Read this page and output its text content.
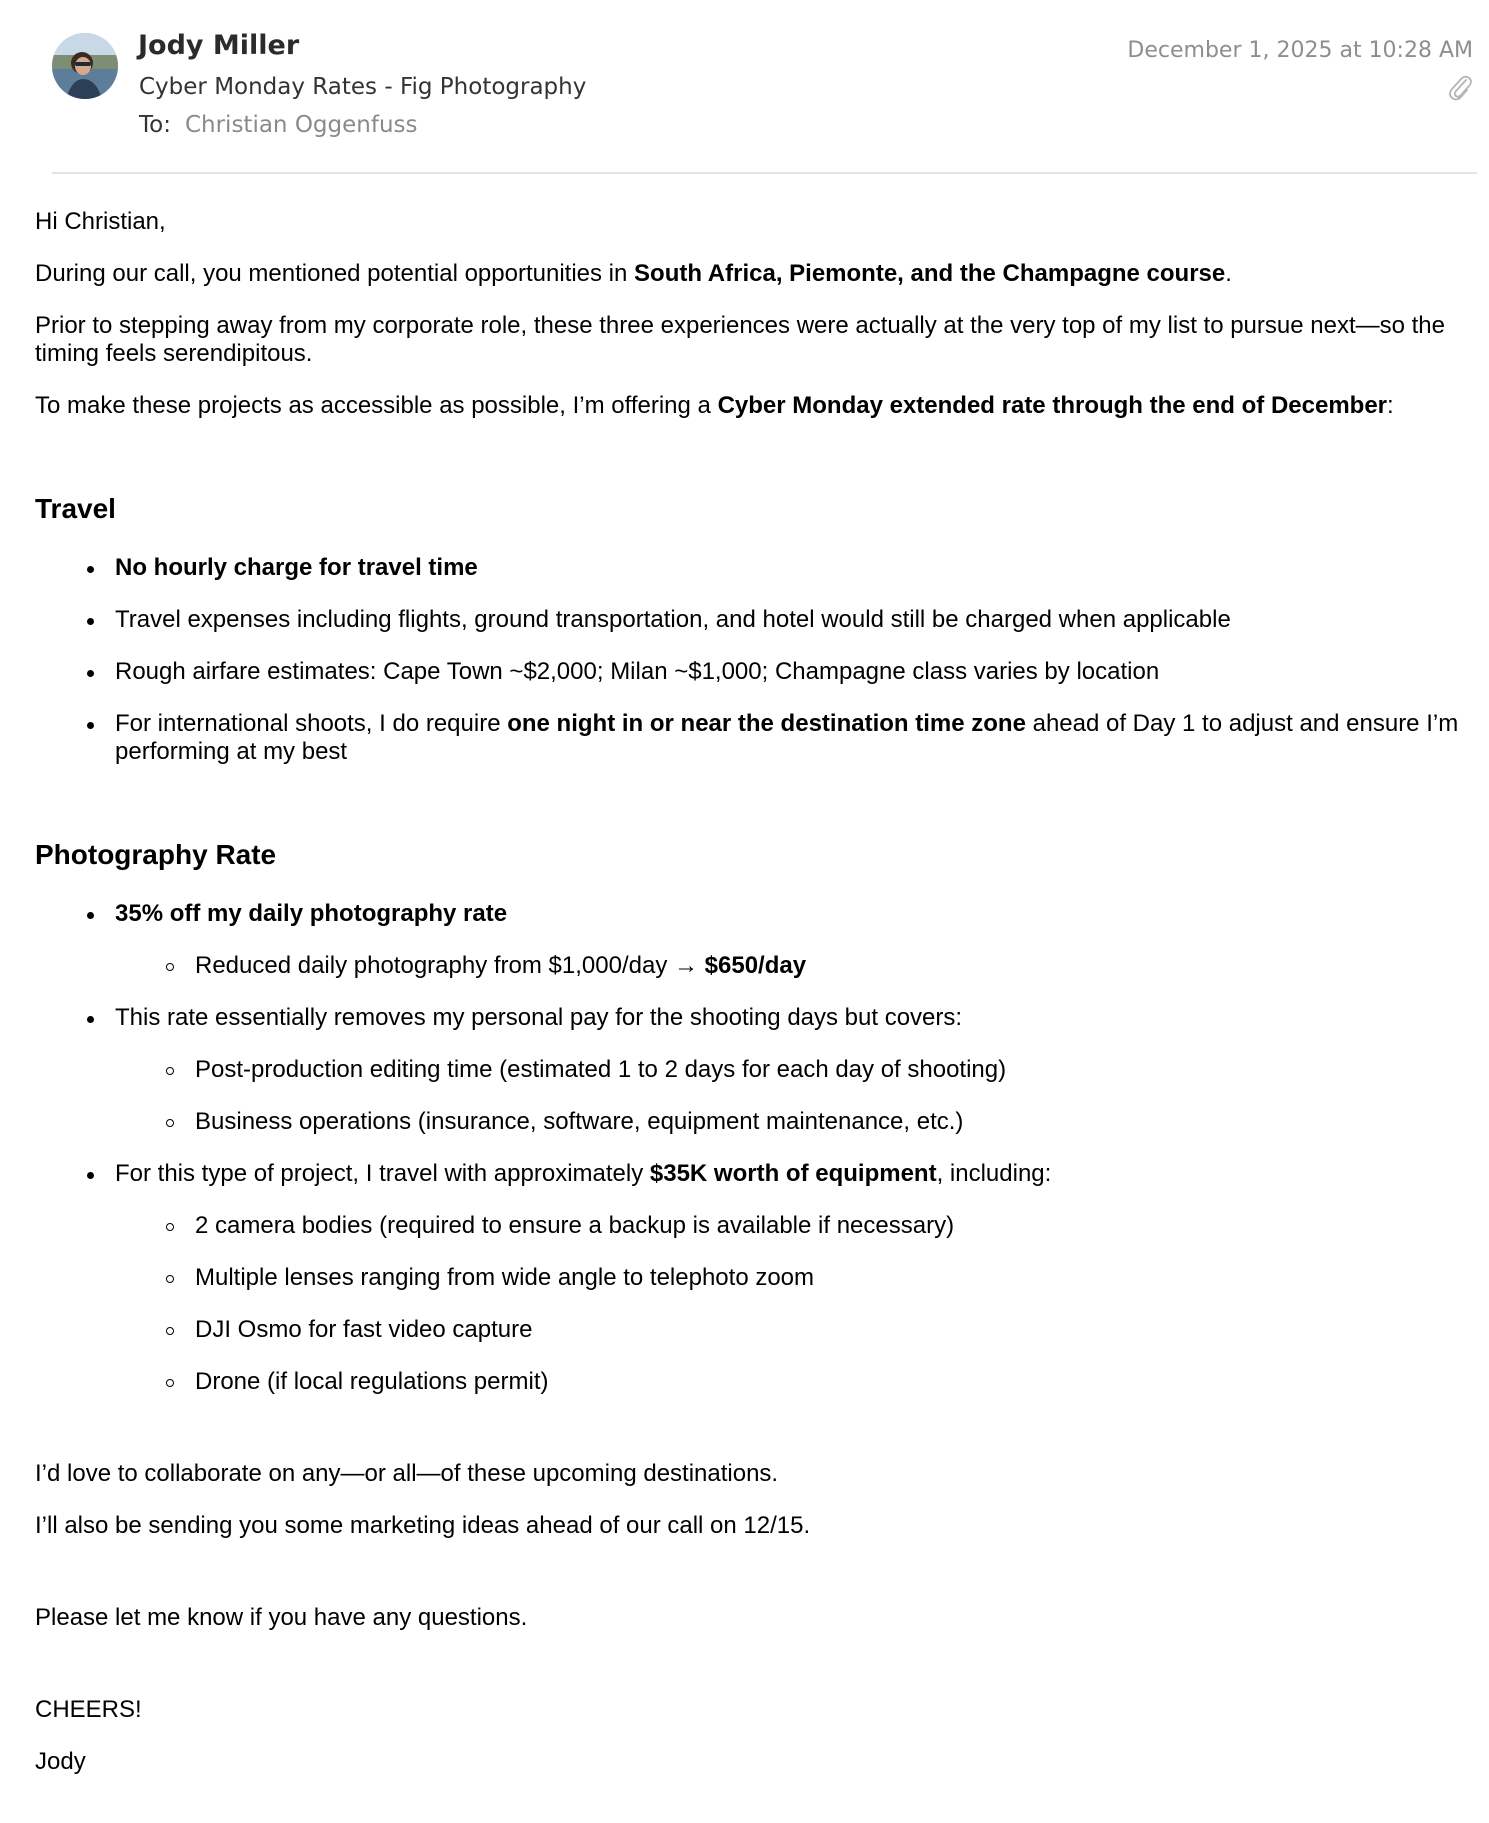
Jody Miller
Cyber Monday Rates - Fig Photography
To: Christian Oggenfuss
December 1, 2025 at 10:28 AM

Hi Christian,

During our call, you mentioned potential opportunities in South Africa, Piemonte, and the Champagne course.

Prior to stepping away from my corporate role, these three experiences were actually at the very top of my list to pursue next—so the timing feels serendipitous.

To make these projects as accessible as possible, I’m offering a Cyber Monday extended rate through the end of December:

Travel
No hourly charge for travel time
Travel expenses including flights, ground transportation, and hotel would still be charged when applicable
Rough airfare estimates: Cape Town ~$2,000; Milan ~$1,000; Champagne class varies by location
For international shoots, I do require one night in or near the destination time zone ahead of Day 1 to adjust and ensure I’m performing at my best
Photography Rate
35% off my daily photography rate
Reduced daily photography from $1,000/day → $650/day
This rate essentially removes my personal pay for the shooting days but covers:
Post-production editing time (estimated 1 to 2 days for each day of shooting)
Business operations (insurance, software, equipment maintenance, etc.)
For this type of project, I travel with approximately $35K worth of equipment, including:
2 camera bodies (required to ensure a backup is available if necessary)
Multiple lenses ranging from wide angle to telephoto zoom
DJI Osmo for fast video capture
Drone (if local regulations permit)

I’d love to collaborate on any—or all—of these upcoming destinations.

I’ll also be sending you some marketing ideas ahead of our call on 12/15.

Please let me know if you have any questions.

CHEERS!

Jody
